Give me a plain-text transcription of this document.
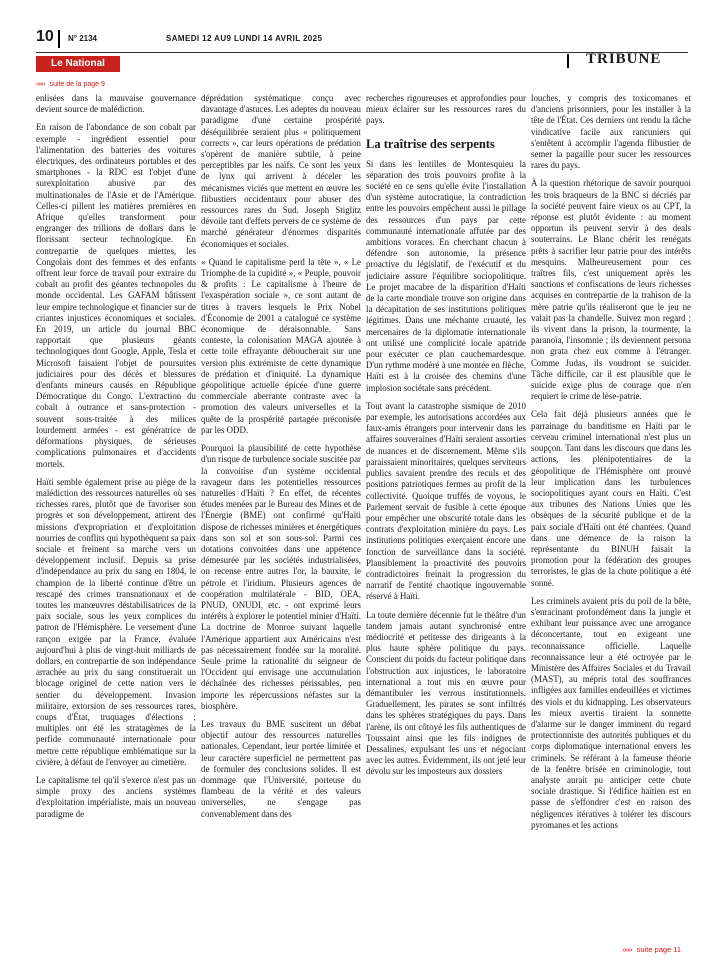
10 N° 2134	SAMEDI 12 AU9 LUNDI 14 AVRIL 2025
Le National	TRIBUNE
»»» suite de la page 9

enlisées dans la mauvaise gouvernance devient source de malédiction.

En raison de l'abondance de son cobalt par exemple - ingrédient essentiel pour l'alimentation des batteries des voitures électriques, des ordinateurs portables et des smartphones - la RDC est l'objet d'une surexploitation abusive par des multinationales de l'Asie et de l'Amérique. Celles-ci pillent les matières premières en Afrique qu'elles transforment pour engranger des trillions de dollars dans le florissant secteur technologique. En contrepartie de quelques miettes, les Congolais dont des femmes et des enfants offrent leur force de travail pour extraire du cobalt au profit des géantes technopoles du monde occidental. Les GAFAM bâtissent leur empire technologique et financier sur de criantes injustices économiques et sociales. En 2019, un article du journal BBC rapportait que plusieurs géants technologiques dont Google, Apple, Tesla et Microsoft faisaient l'objet de poursuites judiciaires pour des décès et blessures d'enfants mineurs causés en République Démocratique du Congo. L'extraction du cobalt à outrance et sans-protection - souvent sous-traitée à des milices lourdement armées - est génératrice de déformations physiques, de sérieuses complications pulmonaires et d'accidents mortels.

Haïti semble également prise au piège de la malédiction des ressources naturelles où ses richesses rares, plutôt que de favoriser son progrès et son développement, attirent des missions d'expropriation et d'exploitation nourries de conflits qui hypothèquent sa paix sociale et freinent sa marche vers un développement inclusif. Depuis sa prise d'indépendance au prix du sang en 1804, le champion de la liberté continue d'être un rescapé des crimes transnationaux et de toutes les manœuvres déstabilisatrices de la paix sociale, sous les yeux complices du patron de l'Hémisphère. Le versement d'une rançon exigée par la France, évaluée aujourd'hui à plus de vingt-huit milliards de dollars, en contrepartie de son indépendance arrachée au prix du sang constituerait un blocage originel de cette nation vers le sentier du développement. Invasion militaire, extorsion de ses ressources rares, coups d'État, truquages d'élections ; multiples ont été les stratagèmes de la perfide communauté internationale pour mettre cette république emblématique sur la civière, à défaut de l'envoyer au cimetière.

Le capitalisme tel qu'il s'exerce n'est pas un simple proxy des anciens systèmes d'exploitation impérialiste, mais un nouveau paradigme de

déprédation systématique conçu avec davantage d'astuces. Les adeptes du nouveau paradigme d'une certaine prospérité déséquilibrée seraient plus « politiquement corrects », car leurs opérations de prédation s'opèrent de manière subtile, à peine perceptibles par les naïfs. Ce sont les yeux de lynx qui arrivent à déceler les mécanismes viciés que mettent en œuvre les flibustiers occidentaux pour abuser des ressources rares du Sud. Joseph Stiglitz dévoile tant d'effets pervers de ce système de marché générateur d'énormes disparités économiques et sociales.

« Quand le capitalisme perd la tête », « Le Triomphe de la cupidité », « Peuple, pouvoir & profits : Le capitalisme à l'heure de l'exaspération sociale », ce sont autant de titres à travers lesquels le Prix Nobel d'Économie de 2001 a catalogué ce système économique de déraisonnable. Sans conteste, la colonisation MAGA ajoutée à cette toile effrayante déboucherait sur une version plus extrémiste de cette dynamique de prédation et d'iniquité. La dynamique géopolitique actuelle épicée d'une guerre commerciale aberrante contraste avec la promotion des valeurs universelles et la quête de la prospérité partagée préconisée par les ODD.

Pourquoi la plausibilité de cette hypothèse d'un risque de turbulence sociale suscitée par la convoitise d'un système occidental ravageur dans les potentielles ressources naturelles d'Haïti ? En effet, de récentes études menées par le Bureau des Mines et de l'Énergie (BME) ont confirmé qu'Haïti dispose de richesses minières et énergétiques dans son sol et son sous-sol. Parmi ces dotations convoitées dans une appétence démesurée par les sociétés industrialisées, on recense entre autres l'or, la bauxite, le pétrole et l'iridium. Plusieurs agences de coopération multilatérale - BID, OEA, PNUD, ONUDI, etc. - ont exprimé leurs intérêts à explorer le potentiel minier d'Haïti. La doctrine de Monroe suivant laquelle l'Amérique appartient aux Américains n'est pas nécessairement fondée sur la moralité. Seule prime la rationalité du seigneur de l'Occident qui envisage une accumulation déchaînée des richesses périssables, peu importe les répercussions néfastes sur la biosphère.

Les travaux du BME suscitent un débat objectif autour des ressources naturelles nationales. Cependant, leur portée limitée et leur caractère superficiel ne permettent pas de formuler des conclusions solides. Il est dommage que l'Université, porteuse du flambeau de la vérité et des valeurs universelles, ne s'engage pas convenablement dans des

recherches rigoureuses et approfondies pour mieux éclairer sur les ressources rares du pays.

La traîtrise des serpents

Si dans les lentilles de Montesquieu la séparation des trois pouvoirs profite à la société en ce sens qu'elle évite l'installation d'un système autocratique, la contradiction entre les pouvoirs empêchent aussi le pillage des ressources d'un pays par cette communauté internationale affutée par des ambitions voraces. En cherchant chacun à défendre son autonomie, la présence proactive du législatif, de l'exécutif et du judiciaire assure l'équilibre sociopolitique. Le projet macabre de la disparition d'Haïti de la carte mondiale trouve son origine dans la décapitation de ses institutions politiques légitimes. Dans une méchante cruauté, les mercenaires de la diplomatie internationale ont utilisé une complicité locale apatride pour exécuter ce plan cauchemardesque. D'un rythme modéré à une montée en flèche, Haïti est à la croisée des chemins d'une implosion sociétale sans précédent.

Tout avant la catastrophe sismique de 2010 par exemple, les autorisations accordées aux faux-amis étrangers pour intervenir dans les affaires souveraines d'Haïti seraient assorties de nuances et de discernement. Même s'ils paraissaient minoritaires, quelques serviteurs publics savaient prendre des reculs et des positions patriotiques fermes au profit de la collectivité. Quoique truffés de voyous, le Parlement servait de fusible à cette époque pour empêcher une obscurité totale dans les contrats d'exploitation minière du pays. Les institutions politiques exerçaient encore une fonction de surveillance dans la société. Plausiblement la proactivité des pouvoirs contradictoires freinait la progression du narratif de l'entité chaotique ingouvernable réservé à Haïti.

La toute dernière décennie fut le théâtre d'un tandem jamais autant synchronisé entre médiocrité et petitesse des dirigeants à la plus haute sphère politique du pays. Conscient du poids du facteur politique dans l'obstruction aux injustices, le laboratoire international a tout mis en œuvre pour démantibuler les verrous institutionnels. Graduellement, les pirates se sont infiltrés dans les sphères stratégiques du pays. Dans l'arène, ils ont côtoyé les fils authentiques de Toussaint ainsi que les fils indignes de Dessalines, expulsant les uns et négociant avec les autres. Évidemment, ils ont jeté leur dévolu sur les imposteurs aux dossiers

louches, y compris des toxicomanes et d'anciens prisonniers, pour les installer à la tête de l'État. Ces derniers ont rendu la tâche vindicative facile aux rancuniers qui s'entêtent à accomplir l'agenda flibustier de semer la pagaille pour sucer les ressources rares du pays.

À la question rhétorique de savoir pourquoi les trois braqueurs de la BNC si décriés par la société peuvent faire vieux os au CPT, la réponse est plutôt évidente : au moment opportun ils peuvent servir à des deals souterrains. Le Blanc chérit les renégats prêts à sacrifier leur patrie pour des intérêts mesquins. Malheureusement pour ces traîtres fils, c'est uniquement après les sanctions et confiscations de leurs richesses acquises en contrepartie de la trahison de la mère patrie qu'ils réaliseront que le jeu ne valait pas la chandelle. Suivez mon regard ; ils vivent dans la prison, la tourmente, la paranoïa, l'insomnie ; ils deviennent persona non grata chez eux comme à l'étranger. Comme Judas, ils voudront se suicider. Tâche difficile, car il est plausible que le suicide exige plus de courage que n'en requiert le crime de lèse-patrie.

Cela fait déjà plusieurs années que le parrainage du banditisme en Haïti par le cerveau criminel international n'est plus un soupçon. Tant dans les discours que dans les actions, les plénipotentiaires de la géopolitique de l'Hémisphère ont prouvé leur implication dans les turbulences sociopolitiques ayant cours en Haïti. C'est aux tribunes des Nations Unies que les obsèques de la sécurité publique et de la paix sociale d'Haïti ont été chantées. Quand dans une démence de la raison la représentante du BINUH faisait la promotion pour la fédération des groupes terroristes, le glas de la chute politique a été sonné.

Les criminels avaient pris du poil de la bête, s'enracinant profondément dans la jungle et exhibant leur puissance avec une arrogance déconcertante, tout en exigeant une reconnaissance officielle. Laquelle reconnaissance leur a été octroyée par le Ministère des Affaires Sociales et du Travail (MAST), au mépris total des souffrances infligées aux familles endeuillées et victimes des viols et du kidnapping. Les observateurs les mieux avertis tiraient la sonnette d'alarme sur le danger imminent du regard protectionniste des autorités publiques et du corps diplomatique international envers les criminels. Se référant à la fameuse théorie de la fenêtre brisée en criminologie, tout analyste aurait pu anticiper cette chute sociale drastique. Si l'édifice haïtien est en passe de s'effondrer c'est en raison des négligences itératives à tolérer les discours pyromanes et les actions

»»» suite page 11
